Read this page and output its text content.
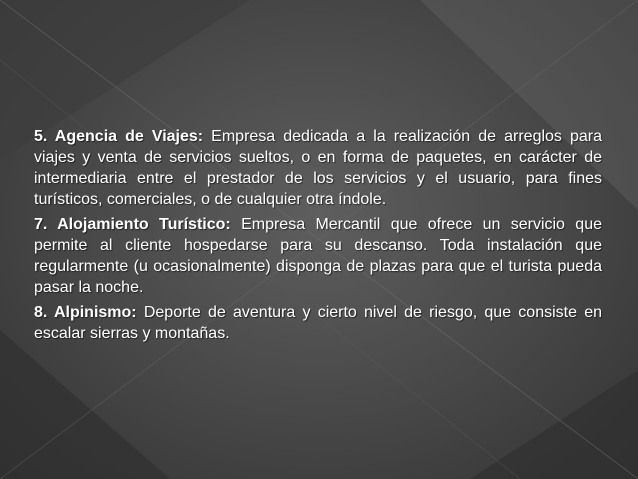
5. Agencia de Viajes: Empresa dedicada a la realización de arreglos para viajes y venta de servicios sueltos, o en forma de paquetes, en carácter de intermediaria entre el prestador de los servicios y el usuario, para fines turísticos, comerciales, o de cualquier otra índole.

7. Alojamiento Turístico: Empresa Mercantil que ofrece un servicio que permite al cliente hospedarse para su descanso. Toda instalación que regularmente (u ocasionalmente) disponga de plazas para que el turista pueda pasar la noche.

8. Alpinismo: Deporte de aventura y cierto nivel de riesgo, que consiste en escalar sierras y montañas.
